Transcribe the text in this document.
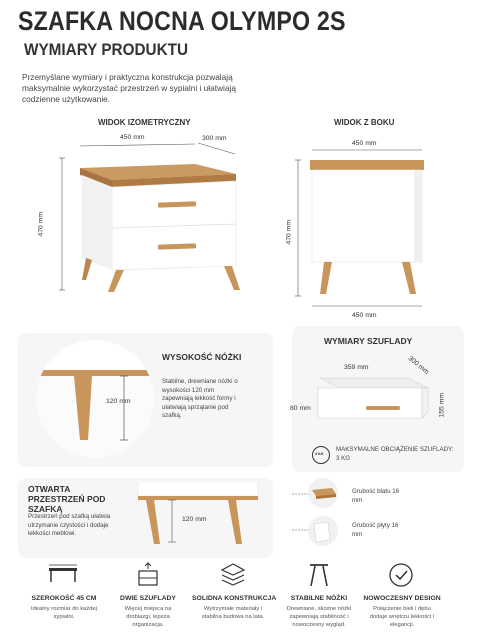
SZAFKA NOCNA OLYMPO 2S
WYMIARY PRODUKTU
Przemyślane wymiary i praktyczna konstrukcja pozwalają maksymalnie wykorzystać przestrzeń w sypialni i ułatwiają codzienne użytkowanie.
WIDOK IZOMETRYCZNY
450 mm	300 mm
470 mm
WIDOK Z BOKU
450 mm
470 mm
450 mm
120 mm
WYSOKOŚĆ NÓŻKI
Stabilne, drewniane nóżki o wysokości 120 mm zapewniają lekkość formy i ułatwiają sprzątanie pod szafką.
WYMIARY SZUFLADY
359 mm	300 mm
80 mm	155 mm
3 KG
MAKSYMALNE OBCIĄŻENIE SZUFLADY: 3 KG
OTWARTA PRZESTRZEŃ POD SZAFKĄ
Przestrzeń pod szafką ułatwia utrzymanie czystości i dodaje lekkości meblowi.
120 mm
Grubość blatu 16 mm
Grubość płyty 16 mm
SZEROKOŚĆ 45 CM
Idealny rozmiar do każdej sypialni.
DWIE SZUFLADY
Więcej miejsca na drobiazgi, lepsza organizacja.
SOLIDNA KONSTRUKCJA
Wytrzymałe materiały i stabilna budowa na lata.
STABILNE NÓŻKI
Drewniane, skośne nóżki zapewniają stabilność i nowoczesny wygląd.
NOWOCZESNY DESIGN
Połączenie bieli i dębu dodaje wnętrzu lekkości i elegancji.
